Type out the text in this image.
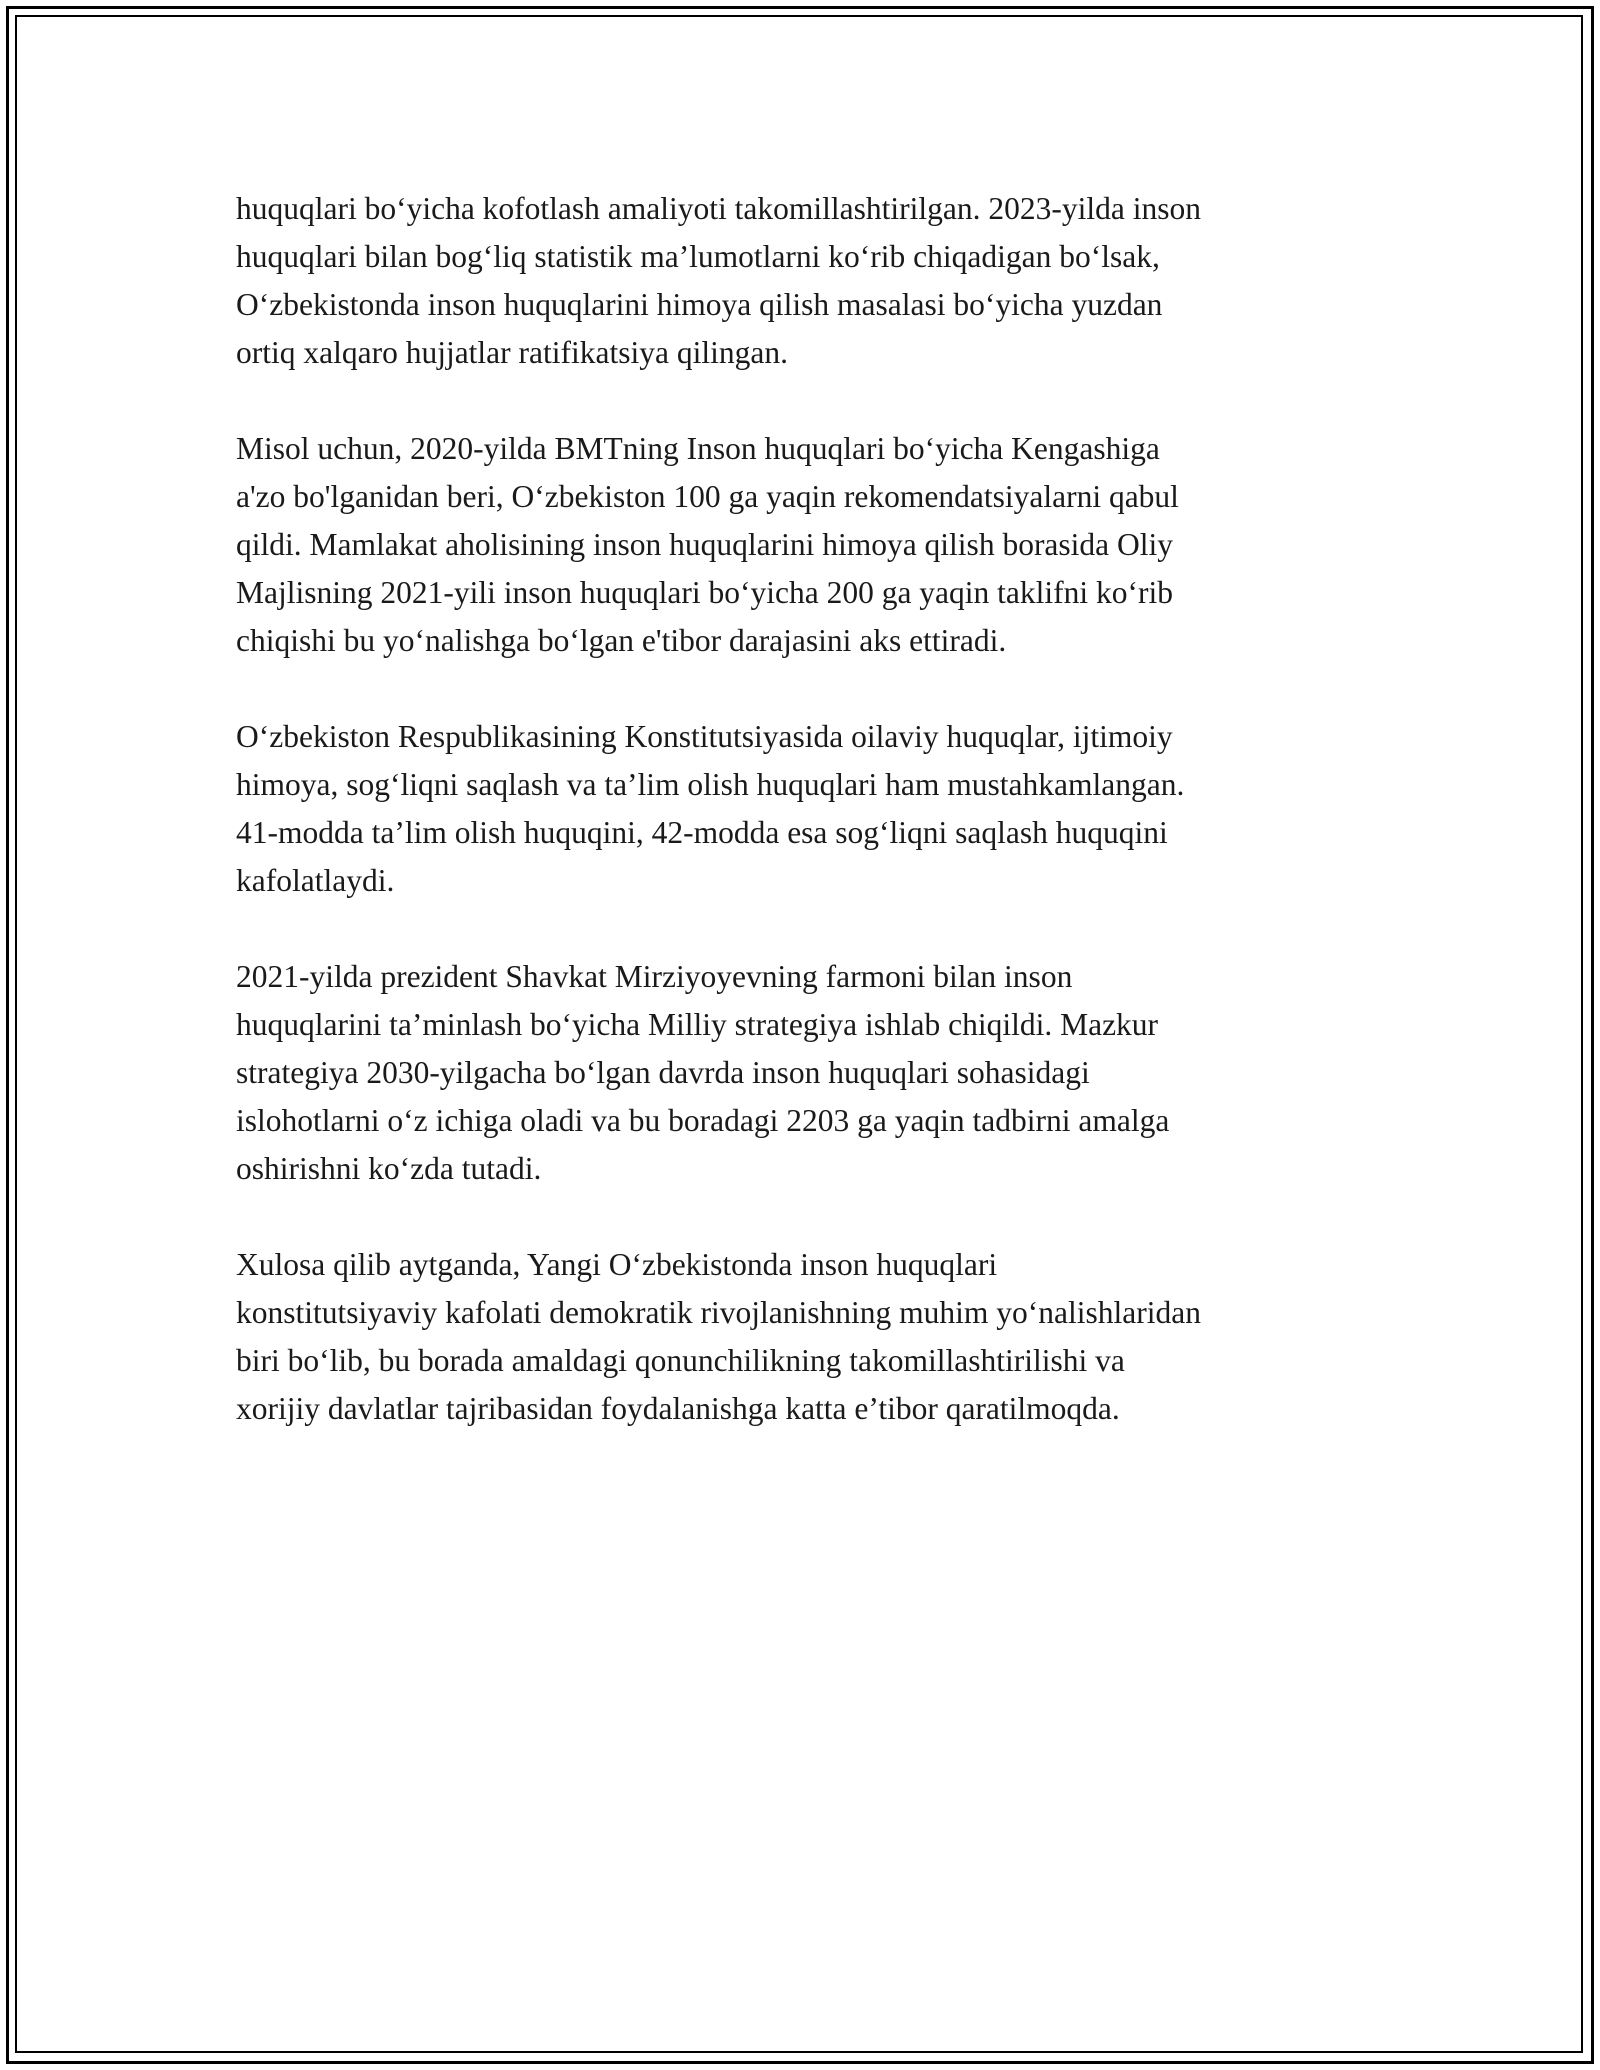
huquqlari bo‘yicha kofotlash amaliyoti takomillashtirilgan. 2023-yilda inson
huquqlari bilan bog‘liq statistik ma’lumotlarni ko‘rib chiqadigan bo‘lsak,
O‘zbekistonda inson huquqlarini himoya qilish masalasi bo‘yicha yuzdan
ortiq xalqaro hujjatlar ratifikatsiya qilingan.

Misol uchun, 2020-yilda BMTning Inson huquqlari bo‘yicha Kengashiga
a'zo bo'lganidan beri, O‘zbekiston 100 ga yaqin rekomendatsiyalarni qabul
qildi. Mamlakat aholisining inson huquqlarini himoya qilish borasida Oliy
Majlisning 2021-yili inson huquqlari bo‘yicha 200 ga yaqin taklifni ko‘rib
chiqishi bu yo‘nalishga bo‘lgan e'tibor darajasini aks ettiradi.

O‘zbekiston Respublikasining Konstitutsiyasida oilaviy huquqlar, ijtimoiy
himoya, sog‘liqni saqlash va ta’lim olish huquqlari ham mustahkamlangan.
41-modda ta’lim olish huquqini, 42-modda esa sog‘liqni saqlash huquqini
kafolatlaydi.

2021-yilda prezident Shavkat Mirziyoyevning farmoni bilan inson
huquqlarini ta’minlash bo‘yicha Milliy strategiya ishlab chiqildi. Mazkur
strategiya 2030-yilgacha bo‘lgan davrda inson huquqlari sohasidagi
islohotlarni o‘z ichiga oladi va bu boradagi 2203 ga yaqin tadbirni amalga
oshirishni ko‘zda tutadi.

Xulosa qilib aytganda, Yangi O‘zbekistonda inson huquqlari
konstitutsiyaviy kafolati demokratik rivojlanishning muhim yo‘nalishlaridan
biri bo‘lib, bu borada amaldagi qonunchilikning takomillashtirilishi va
xorijiy davlatlar tajribasidan foydalanishga katta e’tibor qaratilmoqda.
